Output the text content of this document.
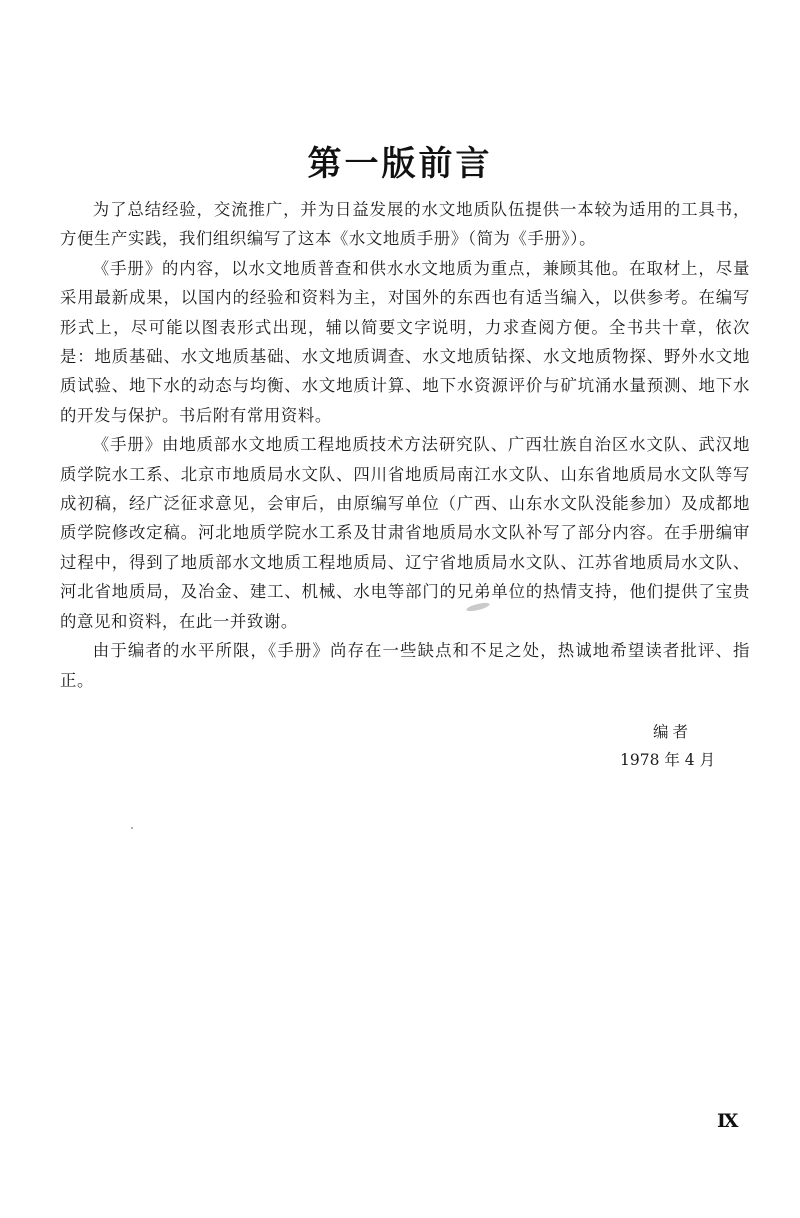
第一版前言

为了总结经验，交流推广，并为日益发展的水文地质队伍提供一本较为适用的工具书，方便生产实践，我们组织编写了这本《水文地质手册》（简为《手册》）。

《手册》的内容，以水文地质普查和供水水文地质为重点，兼顾其他。在取材上，尽量采用最新成果，以国内的经验和资料为主，对国外的东西也有适当编入，以供参考。在编写形式上，尽可能以图表形式出现，辅以简要文字说明，力求查阅方便。全书共十章，依次是：地质基础、水文地质基础、水文地质调查、水文地质钻探、水文地质物探、野外水文地质试验、地下水的动态与均衡、水文地质计算、地下水资源评价与矿坑涌水量预测、地下水的开发与保护。书后附有常用资料。

《手册》由地质部水文地质工程地质技术方法研究队、广西壮族自治区水文队、武汉地质学院水工系、北京市地质局水文队、四川省地质局南江水文队、山东省地质局水文队等写成初稿，经广泛征求意见，会审后，由原编写单位（广西、山东水文队没能参加）及成都地质学院修改定稿。河北地质学院水工系及甘肃省地质局水文队补写了部分内容。在手册编审过程中，得到了地质部水文地质工程地质局、辽宁省地质局水文队、江苏省地质局水文队、河北省地质局，及冶金、建工、机械、水电等部门的兄弟单位的热情支持，他们提供了宝贵的意见和资料，在此一并致谢。

由于编者的水平所限，《手册》尚存在一些缺点和不足之处，热诚地希望读者批评、指正。

编者
1978 年 4 月
Ⅸ
